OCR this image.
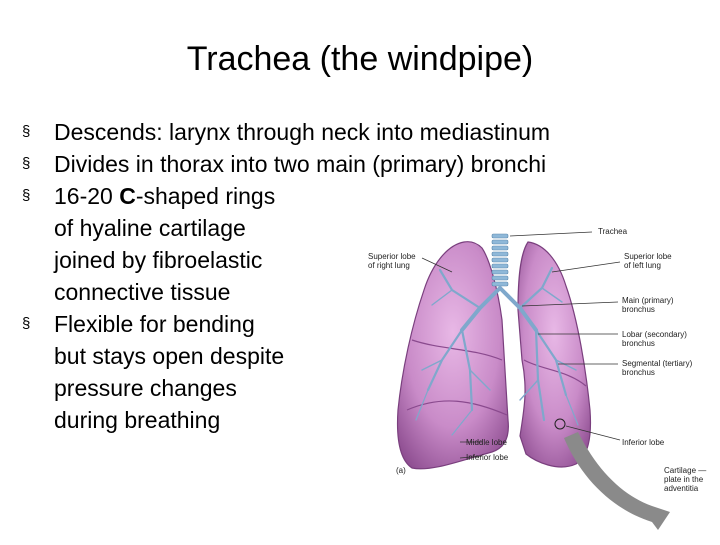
Trachea (the windpipe)
§ Descends: larynx through neck into mediastinum
§ Divides in thorax into two main (primary) bronchi
§ 16-20 C-shaped rings
of hyaline cartilage
joined by fibroelastic
connective tissue
§ Flexible for bending
but stays open despite
pressure changes
during breathing
Trachea
Superior lobe
of right lung
Superior lobe
of left lung
Main (primary)
bronchus
Lobar (secondary)
bronchus
Segmental (tertiary)
bronchus
Inferior lobe
Middle lobe
Inferior lobe
(a)	Cartilage —
plate in the
adventitia
